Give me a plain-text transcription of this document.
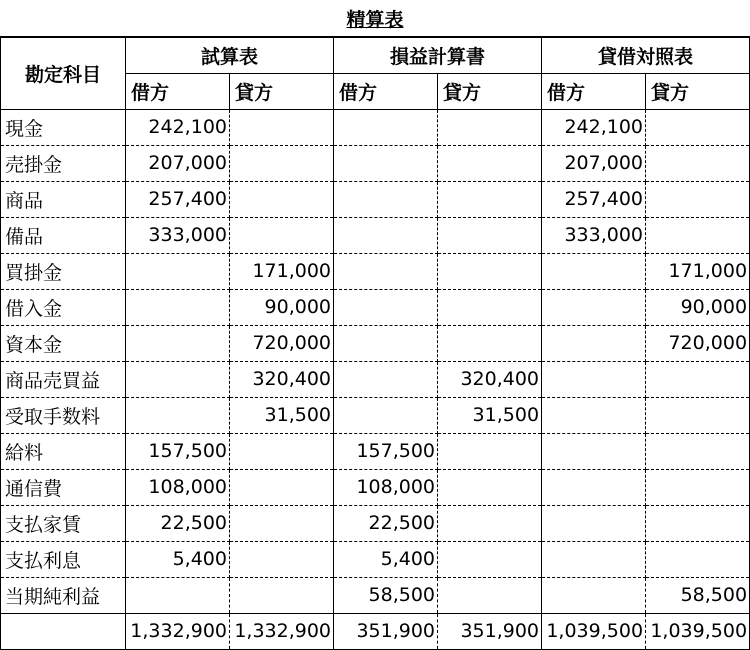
精算表
勘定科目	試算表		損益計算書		貸借対照表	
	借方	貸方	借方	貸方	借方	貸方
現金	242,100				242,100	
売掛金	207,000				207,000	
商品	257,400				257,400	
備品	333,000				333,000	
買掛金		171,000				171,000
借入金		90,000				90,000
資本金		720,000				720,000
商品売買益		320,400		320,400		
受取手数料		31,500		31,500		
給料	157,500		157,500			
通信費	108,000		108,000			
支払家賃	22,500		22,500			
支払利息	5,400		5,400			
当期純利益			58,500			58,500
	1,332,900	1,332,900	351,900	351,900	1,039,500	1,039,500
